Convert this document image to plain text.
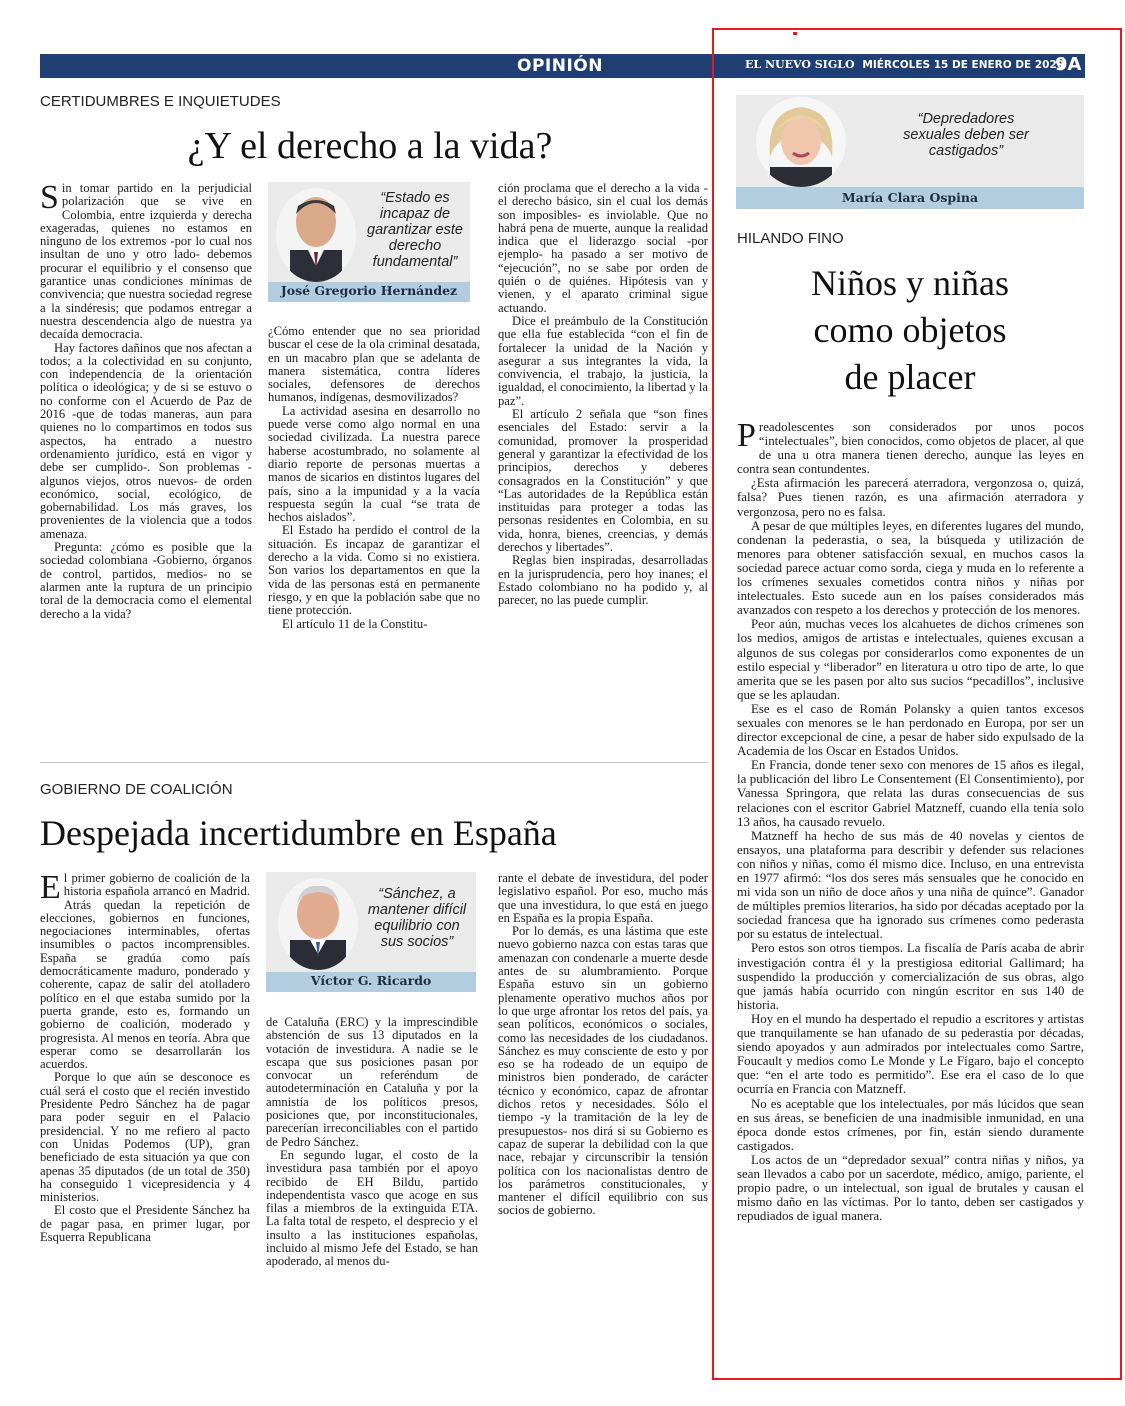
OPINIÓN	EL NUEVO SIGLO MIÉRCOLES 15 DE ENERO DE 2020
9A
CERTIDUMBRES E INQUIETUDES
¿Y el derecho a la vida?

Sin tomar partido en la perjudicial polarización que se vive en Colombia, entre izquierda y derecha exageradas, quienes no estamos en ninguno de los extremos -por lo cual nos insultan de uno y otro lado- debemos procurar el equilibrio y el consenso que garantice unas condiciones mínimas de convivencia; que nuestra sociedad regrese a la sindéresis; que podamos entregar a nuestra descendencia algo de nuestra ya decaída democracia.

Hay factores dañinos que nos afectan a todos; a la colectividad en su conjunto, con independencia de la orientación política o ideológica; y de si se estuvo o no conforme con el Acuerdo de Paz de 2016 -que de todas maneras, aun para quienes no lo compartimos en todos sus aspectos, ha entrado a nuestro ordenamiento jurídico, está en vigor y debe ser cumplido-. Son problemas -algunos viejos, otros nuevos- de orden económico, social, ecológico, de gobernabilidad. Los más graves, los provenientes de la violencia que a todos amenaza.

Pregunta: ¿cómo es posible que la sociedad colombiana -Gobierno, órganos de control, partidos, medios- no se alarmen ante la ruptura de un principio toral de la democracia como el elemental derecho a la vida?

“Estado es incapaz de garantizar este derecho fundamental”
José Gregorio Hernández

¿Cómo entender que no sea prioridad buscar el cese de la ola criminal desatada, en un macabro plan que se adelanta de manera sistemática, contra líderes sociales, defensores de derechos humanos, indígenas, desmovilizados?

La actividad asesina en desarrollo no puede verse como algo normal en una sociedad civilizada. La nuestra parece haberse acostumbrado, no solamente al diario reporte de personas muertas a manos de sicarios en distintos lugares del país, sino a la impunidad y a la vacía respuesta según la cual “se trata de hechos aislados”.

El Estado ha perdido el control de la situación. Es incapaz de garantizar el derecho a la vida. Como si no existiera. Son varios los departamentos en que la vida de las personas está en permanente riesgo, y en que la población sabe que no tiene protección.

El artículo 11 de la Constitu-

ción proclama que el derecho a la vida -el derecho básico, sin el cual los demás son imposibles- es inviolable. Que no habrá pena de muerte, aunque la realidad indica que el liderazgo social -por ejemplo- ha pasado a ser motivo de “ejecución”, no se sabe por orden de quién o de quiénes. Hipótesis van y vienen, y el aparato criminal sigue actuando.

Dice el preámbulo de la Constitución que ella fue establecida “con el fin de fortalecer la unidad de la Nación y asegurar a sus integrantes la vida, la convivencia, el trabajo, la justicia, la igualdad, el conocimiento, la libertad y la paz”.

El artículo 2 señala que “son fines esenciales del Estado: servir a la comunidad, promover la prosperidad general y garantizar la efectividad de los principios, derechos y deberes consagrados en la Constitución” y que “Las autoridades de la República están instituidas para proteger a todas las personas residentes en Colombia, en su vida, honra, bienes, creencias, y demás derechos y libertades”.

Reglas bien inspiradas, desarrolladas en la jurisprudencia, pero hoy inanes; el Estado colombiano no ha podido y, al parecer, no las puede cumplir.

GOBIERNO DE COALICIÓN
Despejada incertidumbre en España

El primer gobierno de coalición de la historia española arrancó en Madrid. Atrás quedan la repetición de elecciones, gobiernos en funciones, negociaciones interminables, ofertas insumibles o pactos incomprensibles. España se gradúa como país democráticamente maduro, ponderado y coherente, capaz de salir del atolladero político en el que estaba sumido por la puerta grande, esto es, formando un gobierno de coalición, moderado y progresista. Al menos en teoría. Abra que esperar como se desarrollarán los acuerdos.

Porque lo que aún se desconoce es cuál será el costo que el recién investido Presidente Pedro Sánchez ha de pagar para poder seguir en el Palacio presidencial. Y no me refiero al pacto con Unidas Podemos (UP), gran beneficiado de esta situación ya que con apenas 35 diputados (de un total de 350) ha conseguido 1 vicepresidencia y 4 ministerios.

El costo que el Presidente Sánchez ha de pagar pasa, en primer lugar, por Esquerra Republicana

“Sánchez, a mantener difícil equilibrio con sus socios”
Víctor G. Ricardo

de Cataluña (ERC) y la imprescindible abstención de sus 13 diputados en la votación de investidura. A nadie se le escapa que sus posiciones pasan por convocar un referéndum de autodeterminación en Cataluña y por la amnistía de los políticos presos, posiciones que, por inconstitucionales, parecerían irreconciliables con el partido de Pedro Sánchez.

En segundo lugar, el costo de la investidura pasa también por el apoyo recibido de EH Bildu, partido independentista vasco que acoge en sus filas a miembros de la extinguida ETA. La falta total de respeto, el desprecio y el insulto a las instituciones españolas, incluido al mismo Jefe del Estado, se han apoderado, al menos du-

rante el debate de investidura, del poder legislativo español. Por eso, mucho más que una investidura, lo que está en juego en España es la propia España.

Por lo demás, es una lástima que este nuevo gobierno nazca con estas taras que amenazan con condenarle a muerte desde antes de su alumbramiento. Porque España estuvo sin un gobierno plenamente operativo muchos años por lo que urge afrontar los retos del país, ya sean políticos, económicos o sociales, como las necesidades de los ciudadanos. Sánchez es muy consciente de esto y por eso se ha rodeado de un equipo de ministros bien ponderado, de carácter técnico y económico, capaz de afrontar dichos retos y necesidades. Sólo el tiempo -y la tramitación de la ley de presupuestos- nos dirá si su Gobierno es capaz de superar la debilidad con la que nace, rebajar y circunscribir la tensión política con los nacionalistas dentro de los parámetros constitucionales, y mantener el difícil equilibrio con sus socios de gobierno.

“Depredadores sexuales deben ser castigados”
María Clara Ospina
HILANDO FINO
Niños y niñas
como objetos
de placer

Preadolescentes son considerados por unos pocos “intelectuales”, bien conocidos, como objetos de placer, al que de una u otra manera tienen derecho, aunque las leyes en contra sean contundentes.

¿Esta afirmación les parecerá aterradora, vergonzosa o, quizá, falsa? Pues tienen razón, es una afirmación aterradora y vergonzosa, pero no es falsa.

A pesar de que múltiples leyes, en diferentes lugares del mundo, condenan la pederastia, o sea, la búsqueda y utilización de menores para obtener satisfacción sexual, en muchos casos la sociedad parece actuar como sorda, ciega y muda en lo referente a los crímenes sexuales cometidos contra niños y niñas por intelectuales. Esto sucede aun en los países considerados más avanzados con respeto a los derechos y protección de los menores.

Peor aún, muchas veces los alcahuetes de dichos crímenes son los medios, amigos de artistas e intelectuales, quienes excusan a algunos de sus colegas por considerarlos como exponentes de un estilo especial y “liberador” en literatura u otro tipo de arte, lo que amerita que se les pasen por alto sus sucios “pecadillos”, inclusive que se les aplaudan.

Ese es el caso de Román Polansky a quien tantos excesos sexuales con menores se le han perdonado en Europa, por ser un director excepcional de cine, a pesar de haber sido expulsado de la Academia de los Oscar en Estados Unidos.

En Francia, donde tener sexo con menores de 15 años es ilegal, la publicación del libro Le Consentement (El Consentimiento), por Vanessa Springora, que relata las duras consecuencias de sus relaciones con el escritor Gabriel Matzneff, cuando ella tenía solo 13 años, ha causado revuelo.

Matzneff ha hecho de sus más de 40 novelas y cientos de ensayos, una plataforma para describir y defender sus relaciones con niños y niñas, como él mismo dice. Incluso, en una entrevista en 1977 afirmó: “los dos seres más sensuales que he conocido en mi vida son un niño de doce años y una niña de quince”. Ganador de múltiples premios literarios, ha sido por décadas aceptado por la sociedad francesa que ha ignorado sus crímenes como pederasta por su estatus de intelectual.

Pero estos son otros tiempos. La fiscalía de París acaba de abrir investigación contra él y la prestigiosa editorial Gallimard; ha suspendido la producción y comercialización de sus obras, algo que jamás había ocurrido con ningún escritor en sus 140 de historia.

Hoy en el mundo ha despertado el repudio a escritores y artistas que tranquilamente se han ufanado de su pederastia por décadas, siendo apoyados y aun admirados por intelectuales como Sartre, Foucault y medios como Le Monde y Le Fígaro, bajo el concepto que: “en el arte todo es permitido”. Ese era el caso de lo que ocurría en Francia con Matzneff.

No es aceptable que los intelectuales, por más lúcidos que sean en sus áreas, se beneficien de una inadmisible inmunidad, en una época donde estos crímenes, por fin, están siendo duramente castigados.

Los actos de un “depredador sexual” contra niñas y niños, ya sean llevados a cabo por un sacerdote, médico, amigo, pariente, el propio padre, o un intelectual, son igual de brutales y causan el mismo daño en las víctimas. Por lo tanto, deben ser castigados y repudiados de igual manera.
